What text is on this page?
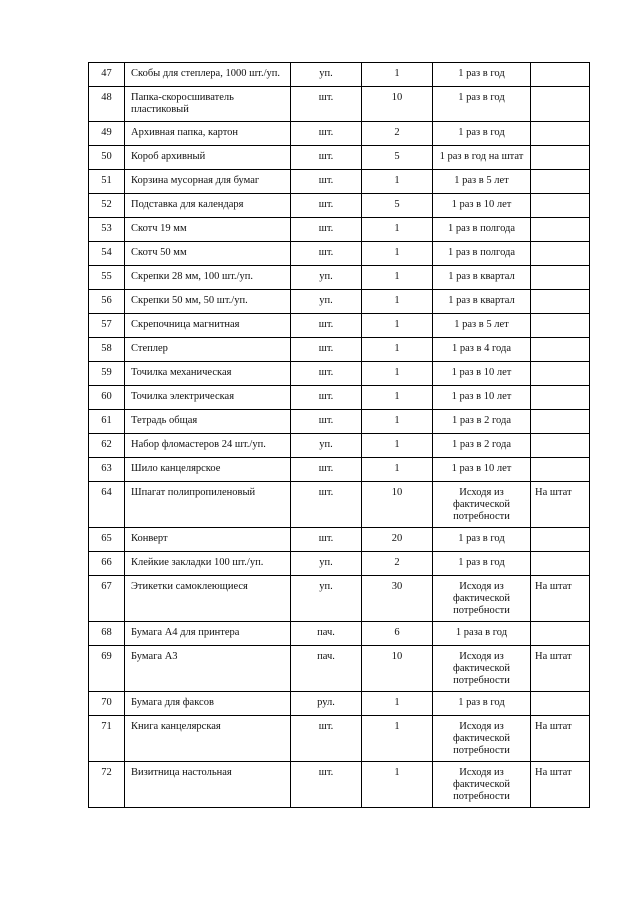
47	Скобы для степлера, 1000 шт./уп.	уп.	1	1 раз в год	
48	Папка-скоросшиватель пластиковый	шт.	10	1 раз в год	
49	Архивная папка, картон	шт.	2	1 раз в год	
50	Короб архивный	шт.	5	1 раз в год на штат	
51	Корзина мусорная для бумаг	шт.	1	1 раз в 5 лет	
52	Подставка для календаря	шт.	5	1 раз в 10 лет	
53	Скотч 19 мм	шт.	1	1 раз в полгода	
54	Скотч 50 мм	шт.	1	1 раз в полгода	
55	Скрепки 28 мм, 100 шт./уп.	уп.	1	1 раз в квартал	
56	Скрепки 50 мм, 50 шт./уп.	уп.	1	1 раз в квартал	
57	Скрепочница магнитная	шт.	1	1 раз в 5 лет	
58	Степлер	шт.	1	1 раз в 4 года	
59	Точилка механическая	шт.	1	1 раз в 10 лет	
60	Точилка электрическая	шт.	1	1 раз в 10 лет	
61	Тетрадь общая	шт.	1	1 раз в 2 года	
62	Набор фломастеров 24 шт./уп.	уп.	1	1 раз в 2 года	
63	Шило канцелярское	шт.	1	1 раз в 10 лет	
64	Шпагат полипропиленовый	шт.	10	Исходя из фактической потребности	На штат
65	Конверт	шт.	20	1 раз в год	
66	Клейкие закладки 100 шт./уп.	уп.	2	1 раз в год	
67	Этикетки самоклеющиеся	уп.	30	Исходя из фактической потребности	На штат
68	Бумага А4 для принтера	пач.	6	1 раза в год	
69	Бумага А3	пач.	10	Исходя из фактической потребности	На штат
70	Бумага для факсов	рул.	1	1 раз в год	
71	Книга канцелярская	шт.	1	Исходя из фактической потребности	На штат
72	Визитница настольная	шт.	1	Исходя из фактической потребности	На штат
